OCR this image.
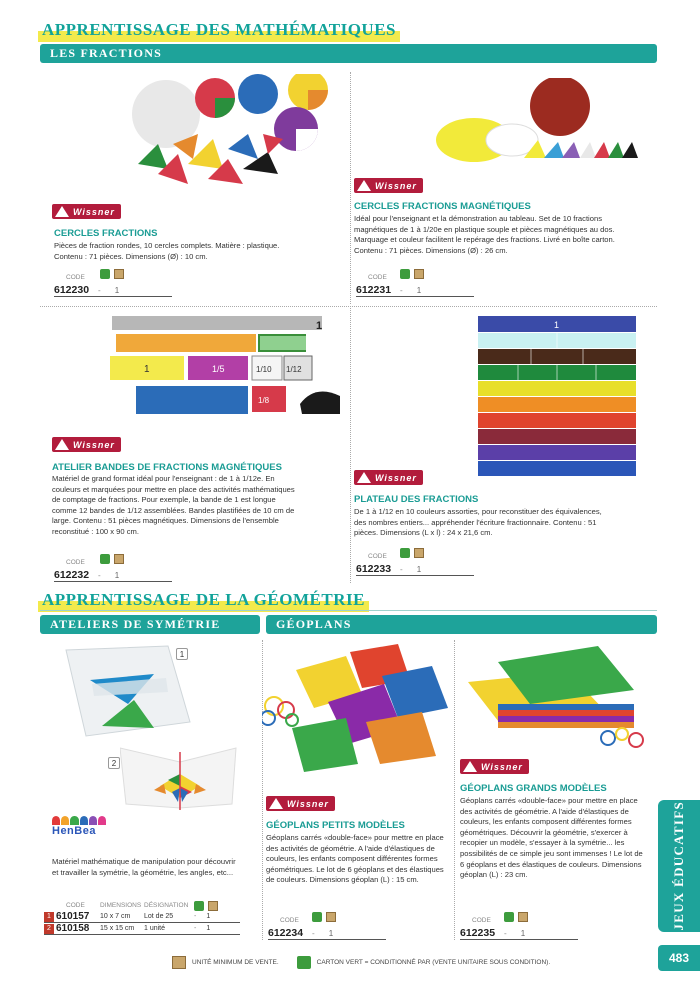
APPRENTISSAGE DES MATHÉMATIQUES
LES FRACTIONS
Wissner
CERCLES FRACTIONS
Pièces de fraction rondes, 10 cercles complets. Matière : plastique. Contenu : 71 pièces. Dimensions (Ø) : 10 cm.
CODE
612230 - 1
Wissner
CERCLES FRACTIONS MAGNÉTIQUES
Idéal pour l'enseignant et la démonstration au tableau. Set de 10 fractions magnétiques de 1 à 1/20e en plastique souple et pièces magnétiques au dos. Marquage et couleur facilitent le repérage des fractions. Livré en boîte carton. Contenu : 71 pièces. Dimensions (Ø) : 26 cm.
CODE
612231 - 1
1
1	1/5	1/10 1/12
1/8
Wissner
ATELIER BANDES DE FRACTIONS MAGNÉTIQUES
Matériel de grand format idéal pour l'enseignant : de 1 à 1/12e. En couleurs et marquées pour mettre en place des activités mathématiques de comptage de fractions. Pour exemple, la bande de 1 est longue comme 12 bandes de 1/12 assemblées. Bandes plastifiées de 10 cm de large. Contenu : 51 pièces magnétiques. Dimensions de l'ensemble reconstitué : 100 x 90 cm.
CODE
612232 - 1
1
Wissner
PLATEAU DES FRACTIONS
De 1 à 1/12 en 10 couleurs assorties, pour reconstituer des équivalences, des nombres entiers... appréhender l'écriture fractionnaire. Contenu : 51 pièces. Dimensions (L x l) : 24 x 21,6 cm.
CODE
612233 - 1
APPRENTISSAGE DE LA GÉOMÉTRIE
ATELIERS DE SYMÉTRIE	GÉOPLANS
1
2
HenBea
Matériel mathématique de manipulation pour découvrir et travailler la symétrie, la géométrie, les angles, etc...
CODE	DIMENSIONS DÉSIGNATION
1 610157	10 x 7 cm	Lot de 25	- 1
2 610158	15 x 15 cm	1 unité	- 1
Wissner
GÉOPLANS PETITS MODÈLES
Géoplans carrés «double-face» pour mettre en place des activités de géométrie. A l'aide d'élastiques de couleurs, les enfants composent différentes formes géométriques. Le lot de 6 géoplans et des élastiques de couleurs. Dimensions géoplan (L) : 15 cm.
CODE
612234 - 1
Wissner
GÉOPLANS GRANDS MODÈLES
Géoplans carrés «double-face» pour mettre en place des activités de géométrie. A l'aide d'élastiques de couleurs, les enfants composent différentes formes géométriques. Découvrir la géométrie, s'exercer à recopier un modèle, s'essayer à la symétrie... les possibilités de ce simple jeu sont immenses ! Le lot de 6 géoplans et des élastiques de couleurs. Dimensions géoplan (L) : 23 cm.
CODE
612235 - 1
JEUX ÉDUCATIFS
483
UNITÉ MINIMUM DE VENTE.	CARTON VERT = CONDITIONNÉ PAR (VENTE UNITAIRE SOUS CONDITION).
